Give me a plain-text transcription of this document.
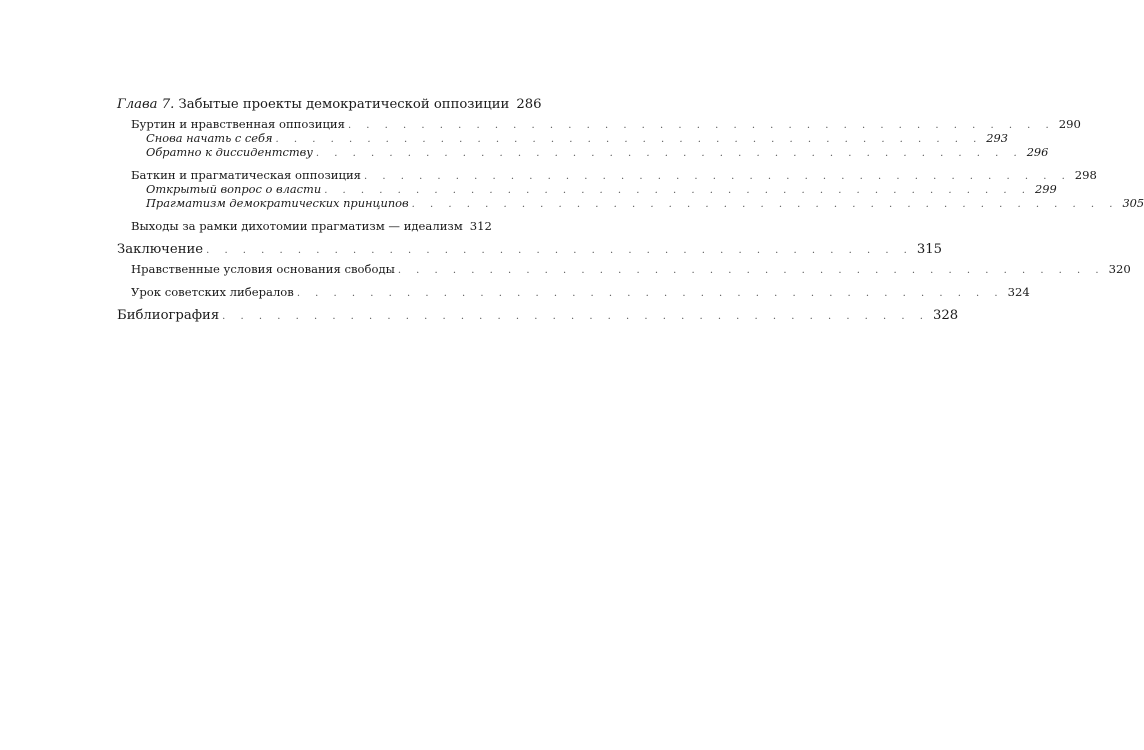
Глава 7. Забытые проекты демократической оппозиции 286
Буртин и нравственная оппозиция . . . . . . . . . . . . . . . . . . . . . . . . . . . . . . . . . . . . . . . 290
Снова начать с себя . . . . . . . . . . . . . . . . . . . . . . . . . . . . . . . . . . . . . . . 293
Обратно к диссидентству . . . . . . . . . . . . . . . . . . . . . . . . . . . . . . . . . . . . . . . 296
Баткин и прагматическая оппозиция . . . . . . . . . . . . . . . . . . . . . . . . . . . . . . . . . . . . . . . 298
Открытый вопрос о власти . . . . . . . . . . . . . . . . . . . . . . . . . . . . . . . . . . . . . . . 299
Прагматизм демократических принципов . . . . . . . . . . . . . . . . . . . . . . . . . . . . . . . . . . . . . . . 305
Выходы за рамки дихотомии прагматизм — идеализм 312
Заключение . . . . . . . . . . . . . . . . . . . . . . . . . . . . . . . . . . . . . . . 315
Нравственные условия основания свободы . . . . . . . . . . . . . . . . . . . . . . . . . . . . . . . . . . . . . . . 320
Урок советских либералов . . . . . . . . . . . . . . . . . . . . . . . . . . . . . . . . . . . . . . . 324
Библиография . . . . . . . . . . . . . . . . . . . . . . . . . . . . . . . . . . . . . . . 328
